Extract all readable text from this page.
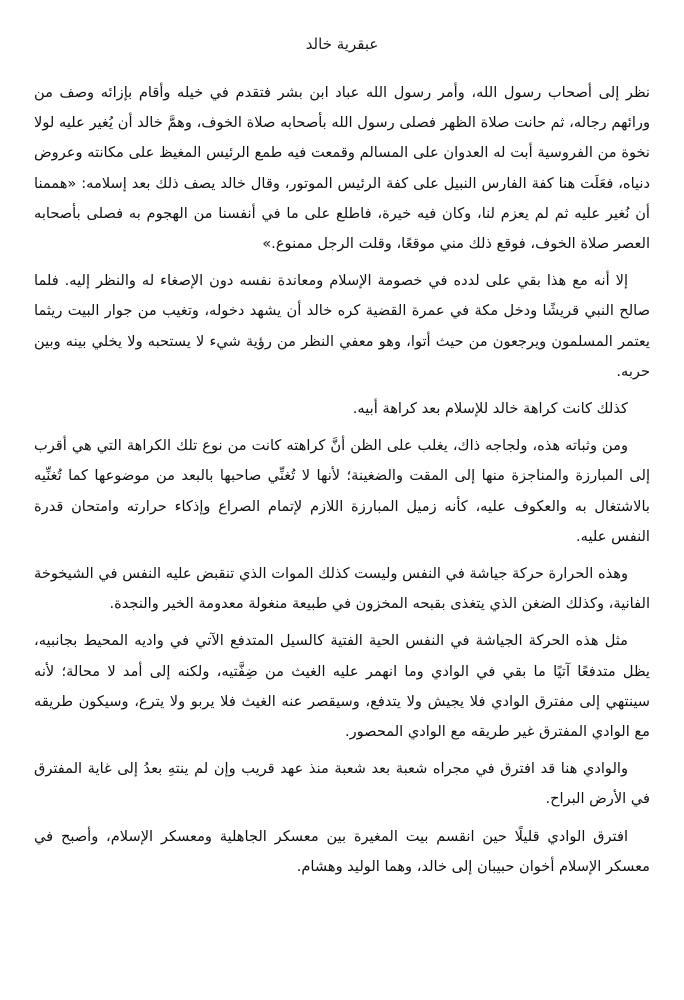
عبقرية خالد

نظر إلى أصحاب رسول الله، وأمر رسول الله عباد ابن بشر فتقدم في خيله وأقام بإزائه وصف من ورائهم رجاله، ثم حانت صلاة الظهر فصلى رسول الله بأصحابه صلاة الخوف، وهمَّ خالد أن يُغير عليه لولا نخوة من الفروسية أبت له العدوان على المسالم وقمعت فيه طمع الرئيس المغيظ على مكانته وعروض دنياه، فعَلَت هنا كفة الفارس النبيل على كفة الرئيس الموتور، وقال خالد يصف ذلك بعد إسلامه: «هممنا أن نُغير عليه ثم لم يعزم لنا، وكان فيه خيرة، فاطلع على ما في أنفسنا من الهجوم به فصلى بأصحابه العصر صلاة الخوف، فوقع ذلك مني موقعًا، وقلت الرجل ممنوع.»

إلا أنه مع هذا بقي على لدده في خصومة الإسلام ومعاندة نفسه دون الإصغاء له والنظر إليه. فلما صالح النبي قريشًا ودخل مكة في عمرة القضية كره خالد أن يشهد دخوله، وتغيب من جوار البيت ريثما يعتمر المسلمون ويرجعون من حيث أتوا، وهو معفي النظر من رؤية شيء لا يستحبه ولا يخلي بينه وبين حربه.

كذلك كانت كراهة خالد للإسلام بعد كراهة أبيه.

ومن وثباته هذه، ولجاجه ذاك، يغلب على الظن أنَّ كراهته كانت من نوع تلك الكراهة التي هي أقرب إلى المبارزة والمناجزة منها إلى المقت والضغينة؛ لأنها لا تُغنِّي صاحبها بالبعد من موضوعها كما تُغنِّيه بالاشتغال به والعكوف عليه، كأنه زميل المبارزة اللازم لإتمام الصراع وإذكاء حرارته وامتحان قدرة النفس عليه.

وهذه الحرارة حركة جياشة في النفس وليست كذلك الموات الذي تنقبض عليه النفس في الشيخوخة الفانية، وكذلك الضغن الذي يتغذى بقبحه المخزون في طبيعة منغولة معدومة الخير والنجدة.

مثل هذه الحركة الجياشة في النفس الحية الفتية كالسيل المتدفع الآتي في واديه المحيط بجانبيه، يظل متدفعًا آتيًا ما بقي في الوادي وما انهمر عليه الغيث من ضِفَّتيه، ولكنه إلى أمد لا محالة؛ لأنه سينتهي إلى مفترق الوادي فلا يجيش ولا يتدفع، وسيقصر عنه الغيث فلا يربو ولا يترع، وسيكون طريقه مع الوادي المفترق غير طريقه مع الوادي المحصور.

والوادي هنا قد افترق في مجراه شعبة بعد شعبة منذ عهد قريب وإن لم ينتهِ بعدُ إلى غاية المفترق في الأرض البراح.

افترق الوادي قليلًا حين انقسم بيت المغيرة بين معسكر الجاهلية ومعسكر الإسلام، وأصبح في معسكر الإسلام أخوان حبيبان إلى خالد، وهما الوليد وهشام.
